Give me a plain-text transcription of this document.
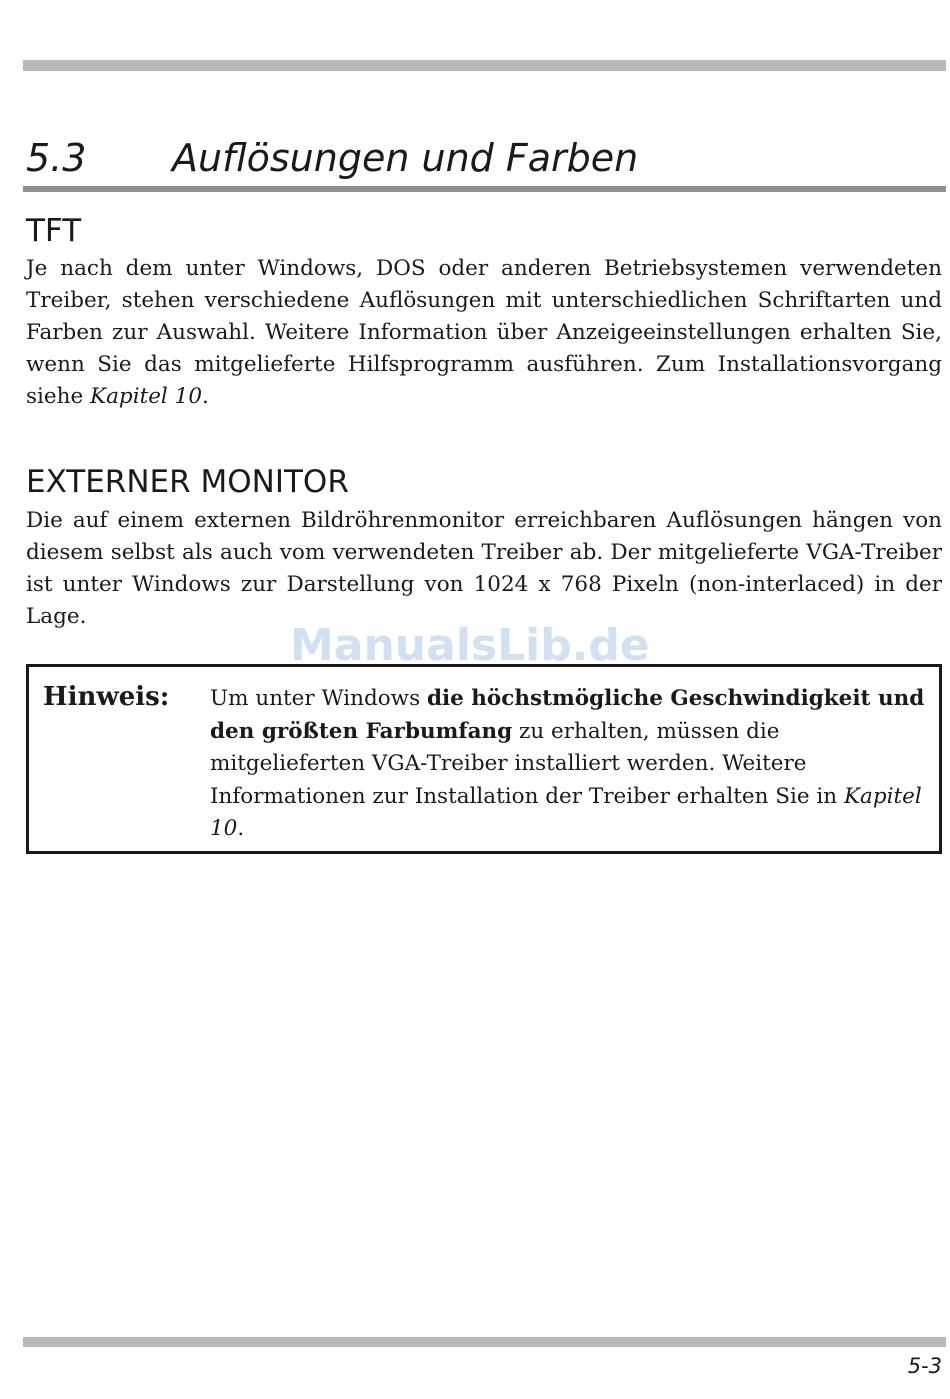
5.3 Auflösungen und Farben
TFT

Je nach dem unter Windows, DOS oder anderen Betriebsystemen verwendeten Treiber, stehen verschiedene Auflösungen mit unterschiedlichen Schriftarten und Farben zur Auswahl. Weitere Information über Anzeigeeinstellungen erhalten Sie, wenn Sie das mitgelieferte Hilfsprogramm ausführen. Zum Installationsvorgang siehe Kapitel 10.

EXTERNER MONITOR

Die auf einem externen Bildröhrenmonitor erreichbaren Auflösungen hängen von diesem selbst als auch vom verwendeten Treiber ab. Der mitgelieferte VGA-Treiber ist unter Windows zur Darstellung von 1024 x 768 Pixeln (non-interlaced) in der Lage.

ManualsLib.de
Hinweis: Um unter Windows die höchstmögliche Geschwindigkeit und den größten Farbumfang zu erhalten, müssen die mitgelieferten VGA-Treiber installiert werden. Weitere Informationen zur Installation der Treiber erhalten Sie in Kapitel 10.
5-3
